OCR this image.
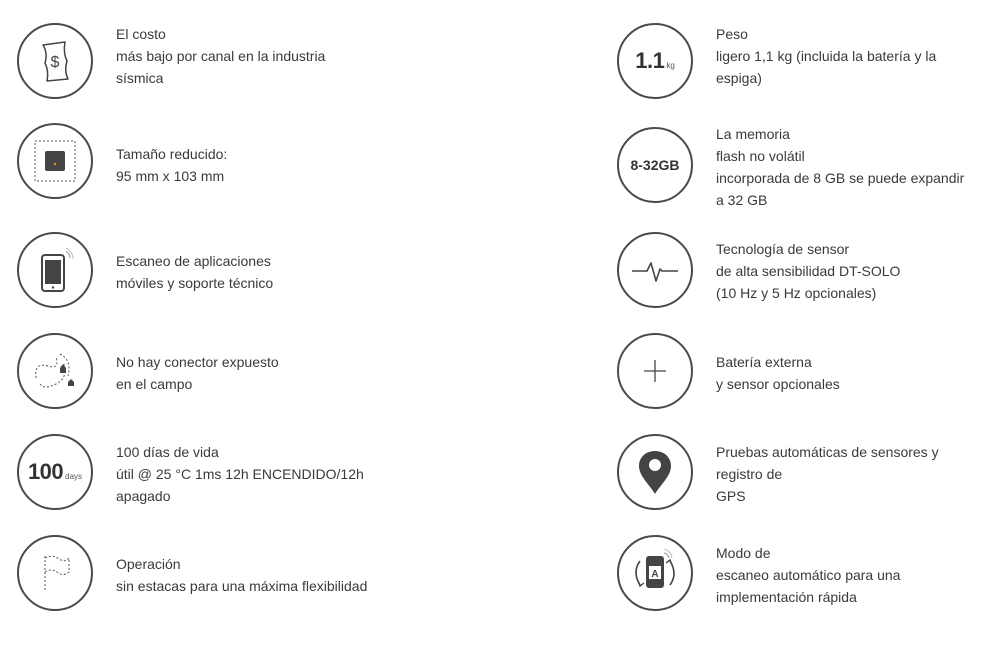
$
El costo
más bajo por canal en la industria
sísmica
Tamaño reducido:
95 mm x 103 mm
Escaneo de aplicaciones
móviles y soporte técnico
No hay conector expuesto
en el campo
100 days
100 días de vida
útil @ 25 °C 1ms 12h ENCENDIDO/12h
apagado
Operación
sin estacas para una máxima flexibilidad
1.1 kg
Peso
ligero 1,1 kg (incluida la batería y la
espiga)
8-32GB
La memoria
flash no volátil
incorporada de 8 GB se puede expandir
a 32 GB
Tecnología de sensor
de alta sensibilidad DT-SOLO
(10 Hz y 5 Hz opcionales)
Batería externa
y sensor opcionales
Pruebas automáticas de sensores y
registro de
GPS
A
Modo de
escaneo automático para una
implementación rápida
